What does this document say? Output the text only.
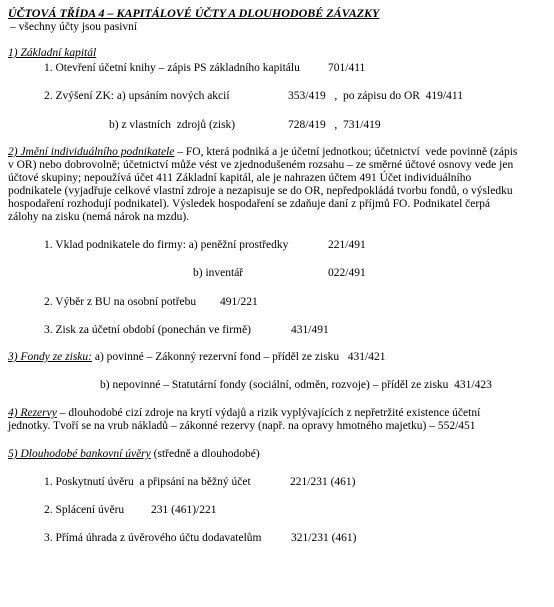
ÚČTOVÁ TŘÍDA 4 – KAPITÁLOVÉ ÚČTY A DLOUHODOBÉ ZÁVAZKY
– všechny účty jsou pasivní
1) Základní kapitál
1. Otevření účetní knihy – zápis PS základního kapitálu 701/411
2. Zvýšení ZK: a) upsáním nových akcií	353/419   ,  po zápisu do OR  419/411
b) z vlastních  zdrojů (zisk)	728/419   ,  731/419
2) Jmění individuálního podnikatele – FO, která podniká a je účetní jednotkou; účetnictví  vede povinně (zápis
v OR) nebo dobrovolně; účetnictví může vést ve zjednodušeném rozsahu – ze směrné účtové osnovy vede jen
účtové skupiny; nepoužívá účet 411 Základní kapitál, ale je nahrazen účtem 491 Účet individuálního
podnikatele (vyjadřuje celkové vlastní zdroje a nezapisuje se do OR, nepředpokládá tvorbu fondů, o výsledku
hospodaření rozhodují podnikatel). Výsledek hospodaření se zdaňuje daní z příjmů FO. Podnikatel čerpá
zálohy na zisku (nemá nárok na mzdu).
1. Vklad podnikatele do firmy: a) peněžní prostředky	221/491
b) inventář	022/491
2. Výběr z BU na osobní potřebu 491/221
3. Zisk za účetní období (ponechán ve firmě)	431/491
3) Fondy ze zisku: a) povinné – Zákonný rezervní fond – příděl ze zisku   431/421
b) nepovinné – Statutární fondy (sociální, odměn, rozvoje) – příděl ze zisku  431/423
4) Rezervy – dlouhodobé cizí zdroje na krytí výdajů a rizik vyplývajících z nepřetržité existence účetní
jednotky. Tvoří se na vrub nákladů – zákonné rezervy (např. na opravy hmotného majetku) – 552/451
5) Dlouhodobé bankovní úvěry (středně a dlouhodobé)
1. Poskytnutí úvěru  a připsání na běžný účet	221/231 (461)
2. Splácení úvěru 231 (461)/221
3. Přímá úhrada z úvěrového účtu dodavatelům	321/231 (461)
